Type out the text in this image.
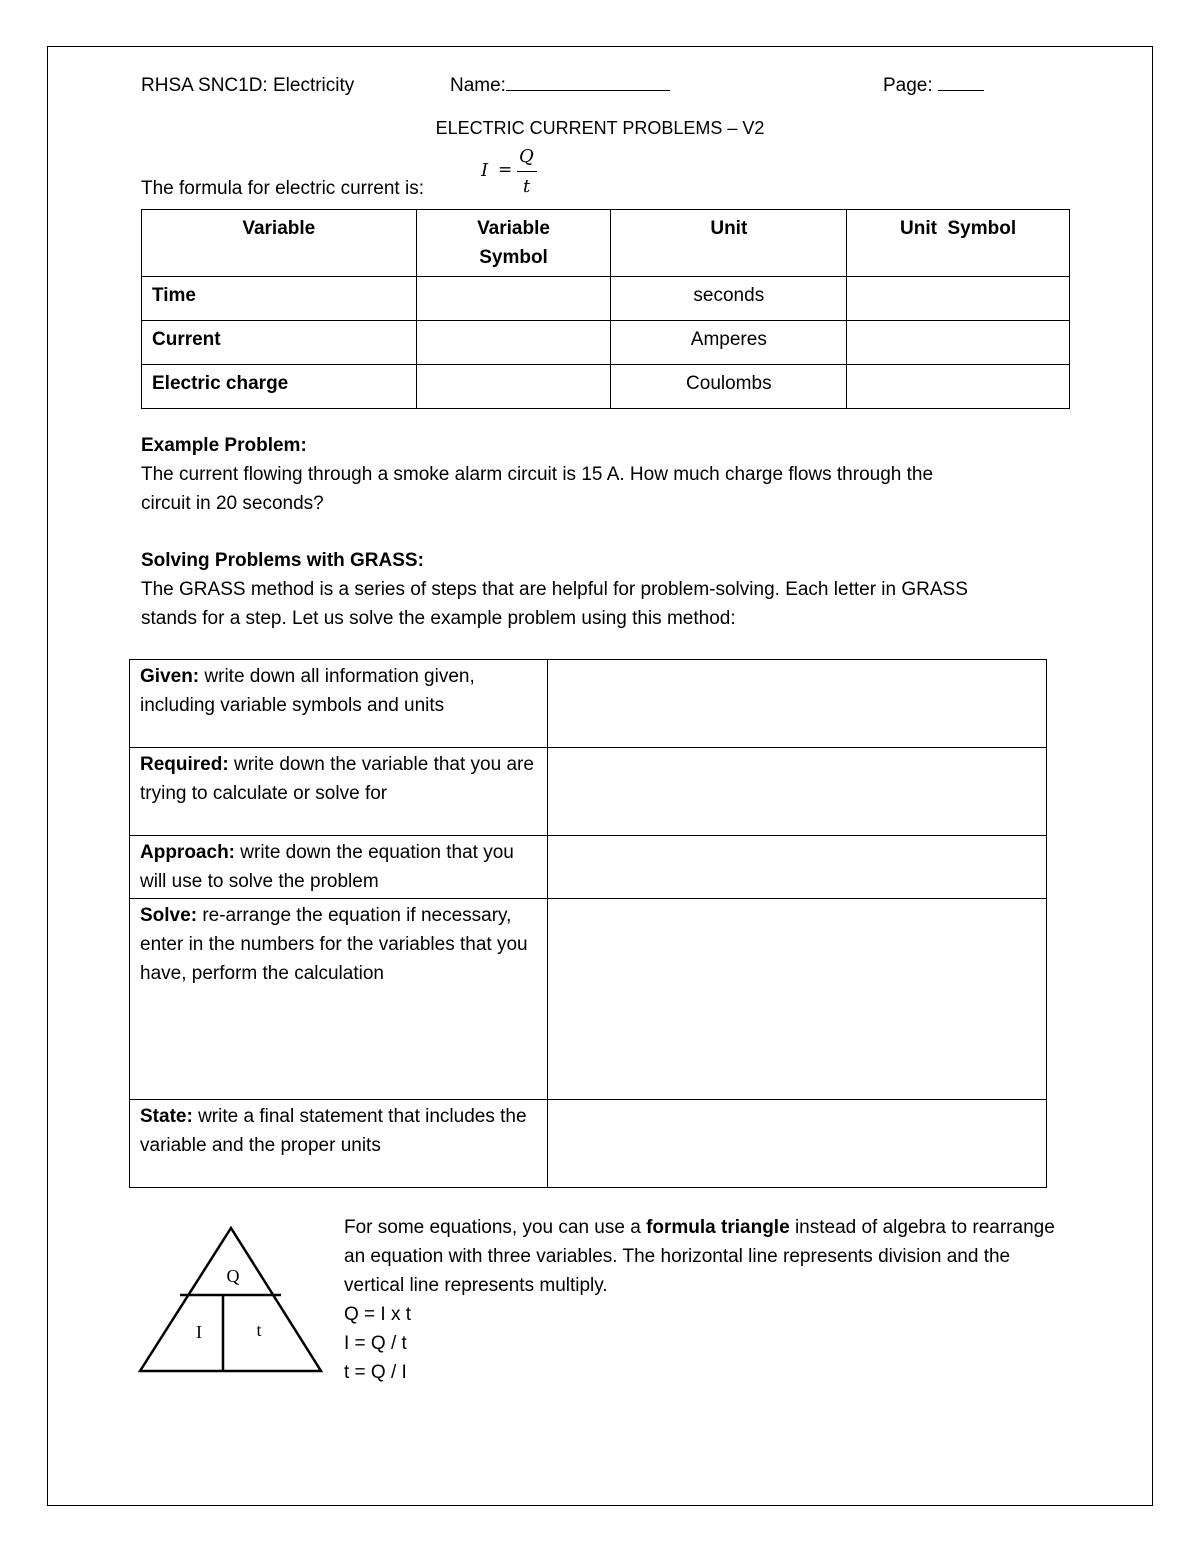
RHSA SNC1D: Electricity	Name:	Page:
ELECTRIC CURRENT PROBLEMS – V2
The formula for electric current is:
I =
Q
t
Variable	Variable Symbol	Unit	Unit  Symbol
Time		seconds	
Current		Amperes	
Electric charge		Coulombs	
Example Problem:
The current flowing through a smoke alarm circuit is 15 A. How much charge flows through the
circuit in 20 seconds?
Solving Problems with GRASS:
The GRASS method is a series of steps that are helpful for problem-solving. Each letter in GRASS
stands for a step. Let us solve the example problem using this method:
Given: write down all information given, including variable symbols and units	
Required: write down the variable that you are trying to calculate or solve for	
Approach: write down the equation that you will use to solve the problem	
Solve: re-arrange the equation if necessary, enter in the numbers for the variables that you have, perform the calculation	
State: write a final statement that includes the variable and the proper units	
Q
I	t
For some equations, you can use a formula triangle instead of algebra to rearrange an equation with three variables. The horizontal line represents division and the vertical line represents multiply.
Q = I x t
I = Q / t
t = Q / I
